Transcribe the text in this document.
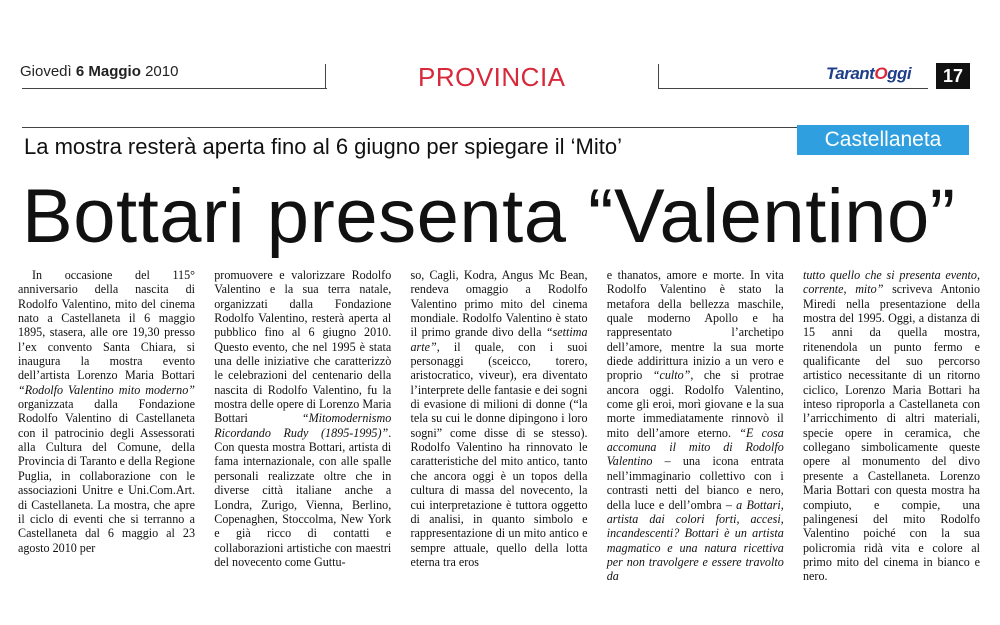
Giovedì 6 Maggio 2010	PROVINCIA	TarantOggi	17
Castellaneta
La mostra resterà aperta fino al 6 giugno per spiegare il ‘Mito’
Bottari presenta “Valentino”

In occasione del 115° anniversario della nascita di Rodolfo Valentino, mito del cinema nato a Castellaneta il 6 maggio 1895, stasera, alle ore 19,30 presso l’ex convento Santa Chiara, si inaugura la mostra evento dell’artista Lorenzo Maria Bottari “Rodolfo Valentino mito moderno” organizzata dalla Fondazione Rodolfo Valentino di Castellaneta con il patrocinio degli Assessorati alla Cultura del Comune, della Provincia di Taranto e della Regione Puglia, in collaborazione con le associazioni Unitre e Uni.Com.Art. di Castellaneta. La mostra, che apre il ciclo di eventi che si terranno a Castellaneta dal 6 maggio al 23 agosto 2010 per

promuovere e valorizzare Rodolfo Valentino e la sua terra natale, organizzati dalla Fondazione Rodolfo Valentino, resterà aperta al pubblico fino al 6 giugno 2010. Questo evento, che nel 1995 è stata una delle iniziative che caratterizzò le celebrazioni del centenario della nascita di Rodolfo Valentino, fu la mostra delle opere di Lorenzo Maria Bottari “Mitomodernismo Ricordando Rudy (1895-1995)”. Con questa mostra Bottari, artista di fama internazionale, con alle spalle personali realizzate oltre che in diverse città italiane anche a Londra, Zurigo, Vienna, Berlino, Copenaghen, Stoccolma, New York e già ricco di contatti e collaborazioni artistiche con maestri del novecento come Guttu-

so, Cagli, Kodra, Angus Mc Bean, rendeva omaggio a Rodolfo Valentino primo mito del cinema mondiale. Rodolfo Valentino è stato il primo grande divo della “settima arte”, il quale, con i suoi personaggi (sceicco, torero, aristocratico, viveur), era diventato l’interprete delle fantasie e dei sogni di evasione di milioni di donne (“la tela su cui le donne dipingono i loro sogni” come disse di se stesso). Rodolfo Valentino ha rinnovato le caratteristiche del mito antico, tanto che ancora oggi è un topos della cultura di massa del novecento, la cui interpretazione è tuttora oggetto di analisi, in quanto simbolo e rappresentazione di un mito antico e sempre attuale, quello della lotta eterna tra eros

e thanatos, amore e morte. In vita Rodolfo Valentino è stato la metafora della bellezza maschile, quale moderno Apollo e ha rappresentato l’archetipo dell’amore, mentre la sua morte diede addirittura inizio a un vero e proprio “culto”, che si protrae ancora oggi. Rodolfo Valentino, come gli eroi, morì giovane e la sua morte immediatamente rinnovò il mito dell’amore eterno. “E cosa accomuna il mito di Rodolfo Valentino – una icona entrata nell’immaginario collettivo con i contrasti netti del bianco e nero, della luce e dell’ombra – a Bottari, artista dai colori forti, accesi, incandescenti? Bottari è un artista magmatico e una natura ricettiva per non travolgere e essere travolto da

tutto quello che si presenta evento, corrente, mito” scriveva Antonio Miredi nella presentazione della mostra del 1995. Oggi, a distanza di 15 anni da quella mostra, ritenendola un punto fermo e qualificante del suo percorso artistico necessitante di un ritorno ciclico, Lorenzo Maria Bottari ha inteso riproporla a Castellaneta con l’arricchimento di altri materiali, specie opere in ceramica, che collegano simbolicamente queste opere al monumento del divo presente a Castellaneta. Lorenzo Maria Bottari con questa mostra ha compiuto, e compie, una palingenesi del mito Rodolfo Valentino poiché con la sua policromia ridà vita e colore al primo mito del cinema in bianco e nero.
